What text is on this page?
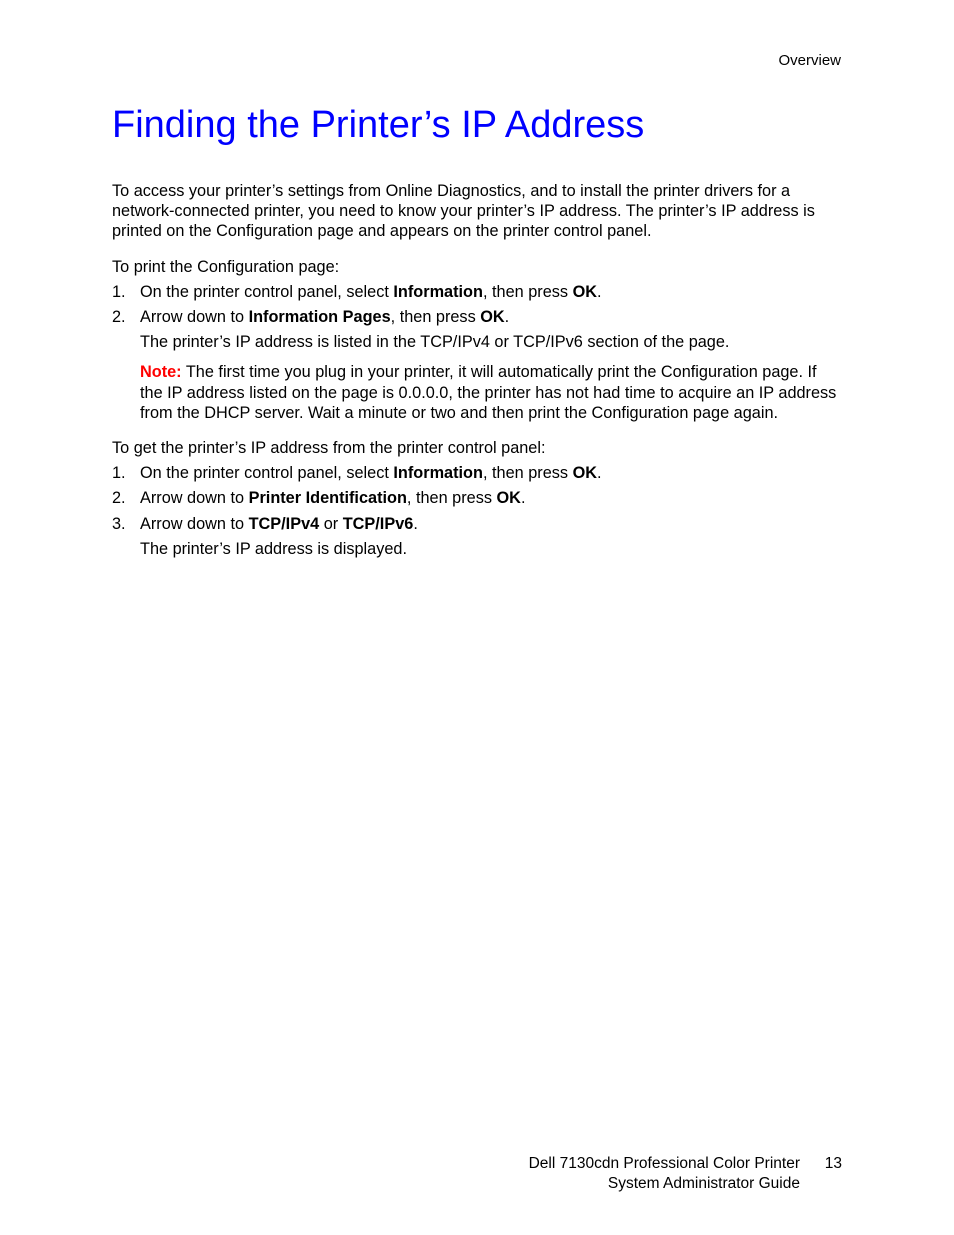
Overview
Finding the Printer’s IP Address

To access your printer’s settings from Online Diagnostics, and to install the printer drivers for a network-connected printer, you need to know your printer’s IP address. The printer’s IP address is printed on the Configuration page and appears on the printer control panel.

To print the Configuration page:

1. On the printer control panel, select Information, then press OK.
2. Arrow down to Information Pages, then press OK.

The printer’s IP address is listed in the TCP/IPv4 or TCP/IPv6 section of the page.

Note: The first time you plug in your printer, it will automatically print the Configuration page. If the IP address listed on the page is 0.0.0.0, the printer has not had time to acquire an IP address from the DHCP server. Wait a minute or two and then print the Configuration page again.

To get the printer’s IP address from the printer control panel:

1. On the printer control panel, select Information, then press OK.
2. Arrow down to Printer Identification, then press OK.
3. Arrow down to TCP/IPv4 or TCP/IPv6.

The printer’s IP address is displayed.

Dell 7130cdn Professional Color Printer
System Administrator Guide
13
